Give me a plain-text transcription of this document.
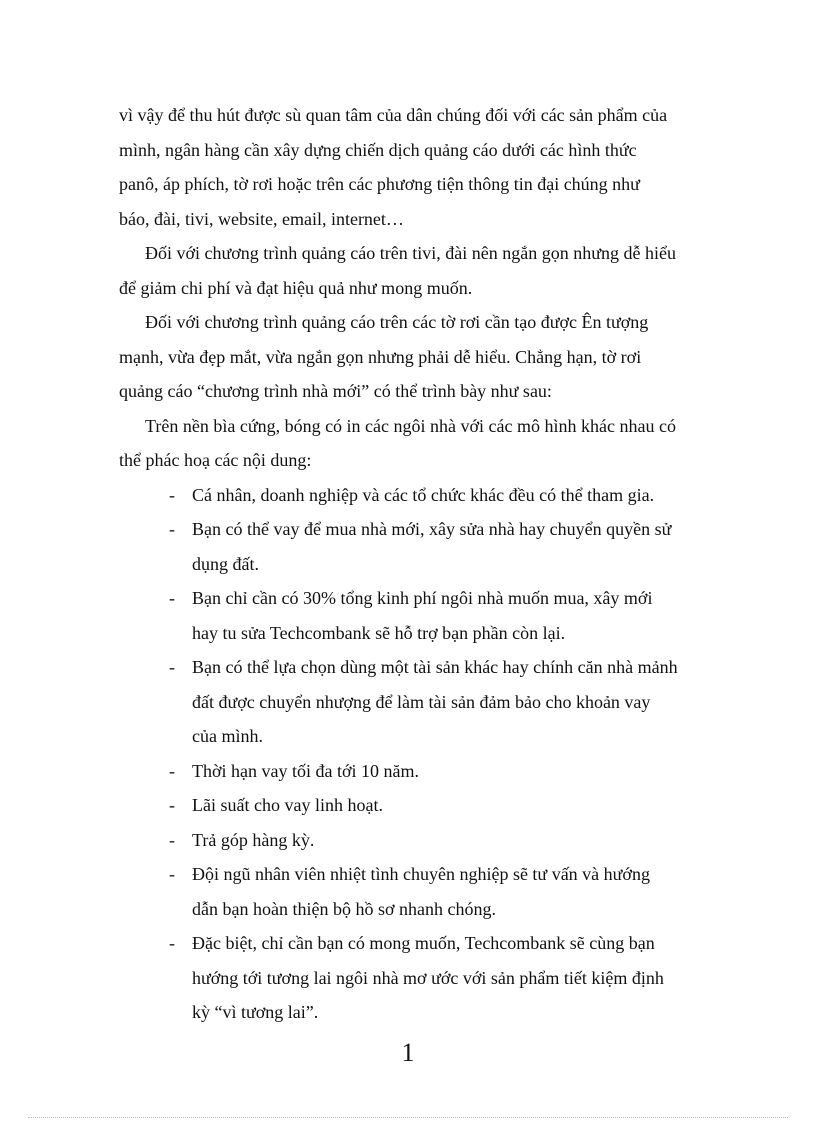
vì vậy để thu hút được sù quan tâm của dân chúng đối với các sản phẩm của
mình, ngân hàng cần xây dựng chiến dịch quảng cáo dưới các hình thức
panô, áp phích, tờ rơi hoặc trên các phương tiện thông tin đại chúng như
báo, đài, tivi, website, email, internet…

Đối với chương trình quảng cáo trên tivi, đài nên ngắn gọn nhưng dễ hiểu
để giảm chi phí và đạt hiệu quả như mong muốn.

Đối với chương trình quảng cáo trên các tờ rơi cần tạo được Ên tượng
mạnh, vừa đẹp mắt, vừa ngắn gọn nhưng phải dễ hiểu. Chẳng hạn, tờ rơi
quảng cáo “chương trình nhà mới” có thể trình bày như sau:

Trên nền bìa cứng, bóng có in các ngôi nhà với các mô hình khác nhau có
thể phác hoạ các nội dung:

- Cá nhân, doanh nghiệp và các tổ chức khác đều có thể tham gia.
- Bạn có thể vay để mua nhà mới, xây sửa nhà hay chuyển quyền sử
dụng đất.
- Bạn chỉ cần có 30% tổng kinh phí ngôi nhà muốn mua, xây mới
hay tu sửa Techcombank sẽ hỗ trợ bạn phần còn lại.
- Bạn có thể lựa chọn dùng một tài sản khác hay chính căn nhà mảnh
đất được chuyển nhượng để làm tài sản đảm bảo cho khoản vay
của mình.
- Thời hạn vay tối đa tới 10 năm.
- Lãi suất cho vay linh hoạt.
- Trả góp hàng kỳ.
- Đội ngũ nhân viên nhiệt tình chuyên nghiệp sẽ tư vấn và hướng
dẫn bạn hoàn thiện bộ hồ sơ nhanh chóng.
- Đặc biệt, chỉ cần bạn có mong muốn, Techcombank sẽ cùng bạn
hướng tới tương lai ngôi nhà mơ ước với sản phẩm tiết kiệm định
kỳ “vì tương lai”.
1
